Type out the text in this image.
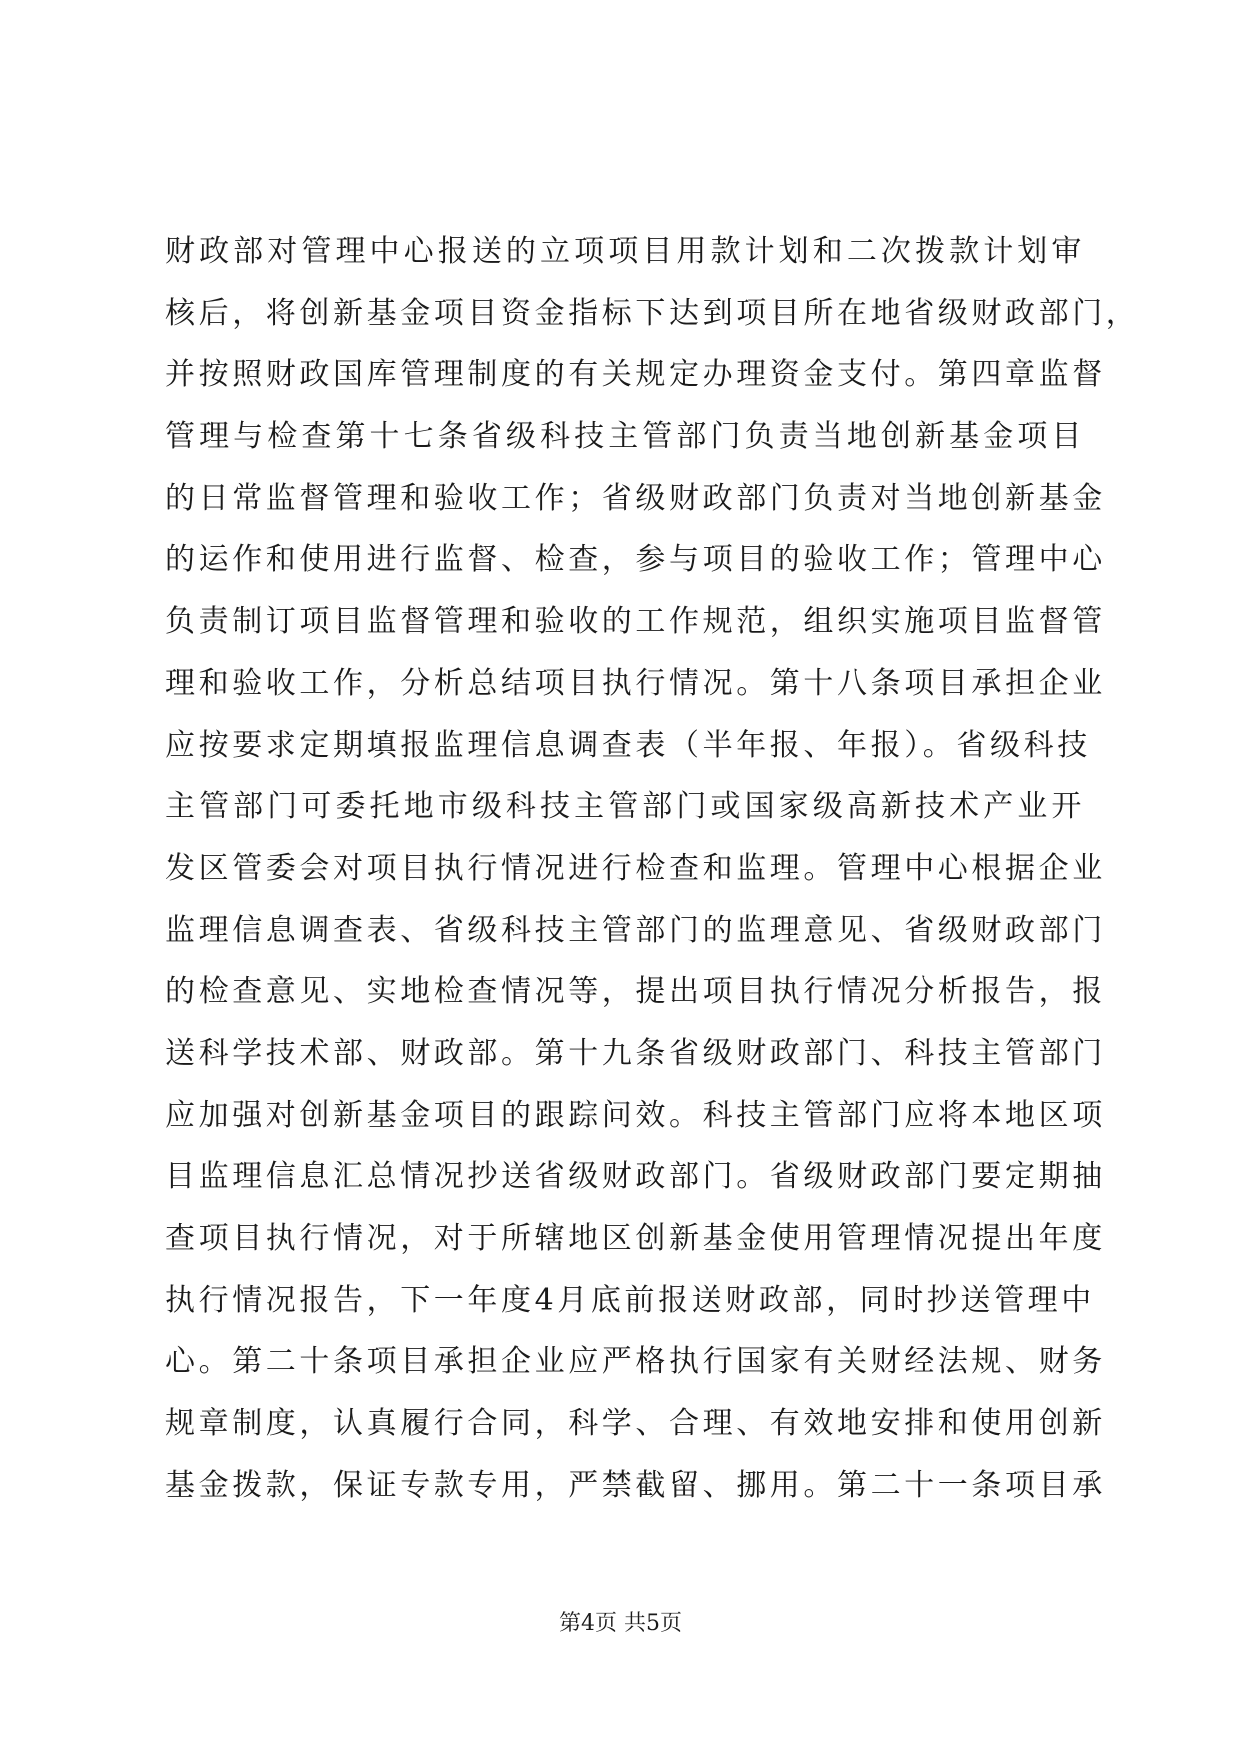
财政部对管理中心报送的立项项目用款计划和二次拨款计划审
核后，将创新基金项目资金指标下达到项目所在地省级财政部门，
并按照财政国库管理制度的有关规定办理资金支付。第四章监督
管理与检查第十七条省级科技主管部门负责当地创新基金项目
的日常监督管理和验收工作；省级财政部门负责对当地创新基金
的运作和使用进行监督、检查，参与项目的验收工作；管理中心
负责制订项目监督管理和验收的工作规范，组织实施项目监督管
理和验收工作，分析总结项目执行情况。第十八条项目承担企业
应按要求定期填报监理信息调查表（半年报、年报）。省级科技
主管部门可委托地市级科技主管部门或国家级高新技术产业开
发区管委会对项目执行情况进行检查和监理。管理中心根据企业
监理信息调查表、省级科技主管部门的监理意见、省级财政部门
的检查意见、实地检查情况等，提出项目执行情况分析报告，报
送科学技术部、财政部。第十九条省级财政部门、科技主管部门
应加强对创新基金项目的跟踪问效。科技主管部门应将本地区项
目监理信息汇总情况抄送省级财政部门。省级财政部门要定期抽
查项目执行情况，对于所辖地区创新基金使用管理情况提出年度
执行情况报告，下一年度4月底前报送财政部，同时抄送管理中
心。第二十条项目承担企业应严格执行国家有关财经法规、财务
规章制度，认真履行合同，科学、合理、有效地安排和使用创新
基金拨款，保证专款专用，严禁截留、挪用。第二十一条项目承
第4页 共5页
